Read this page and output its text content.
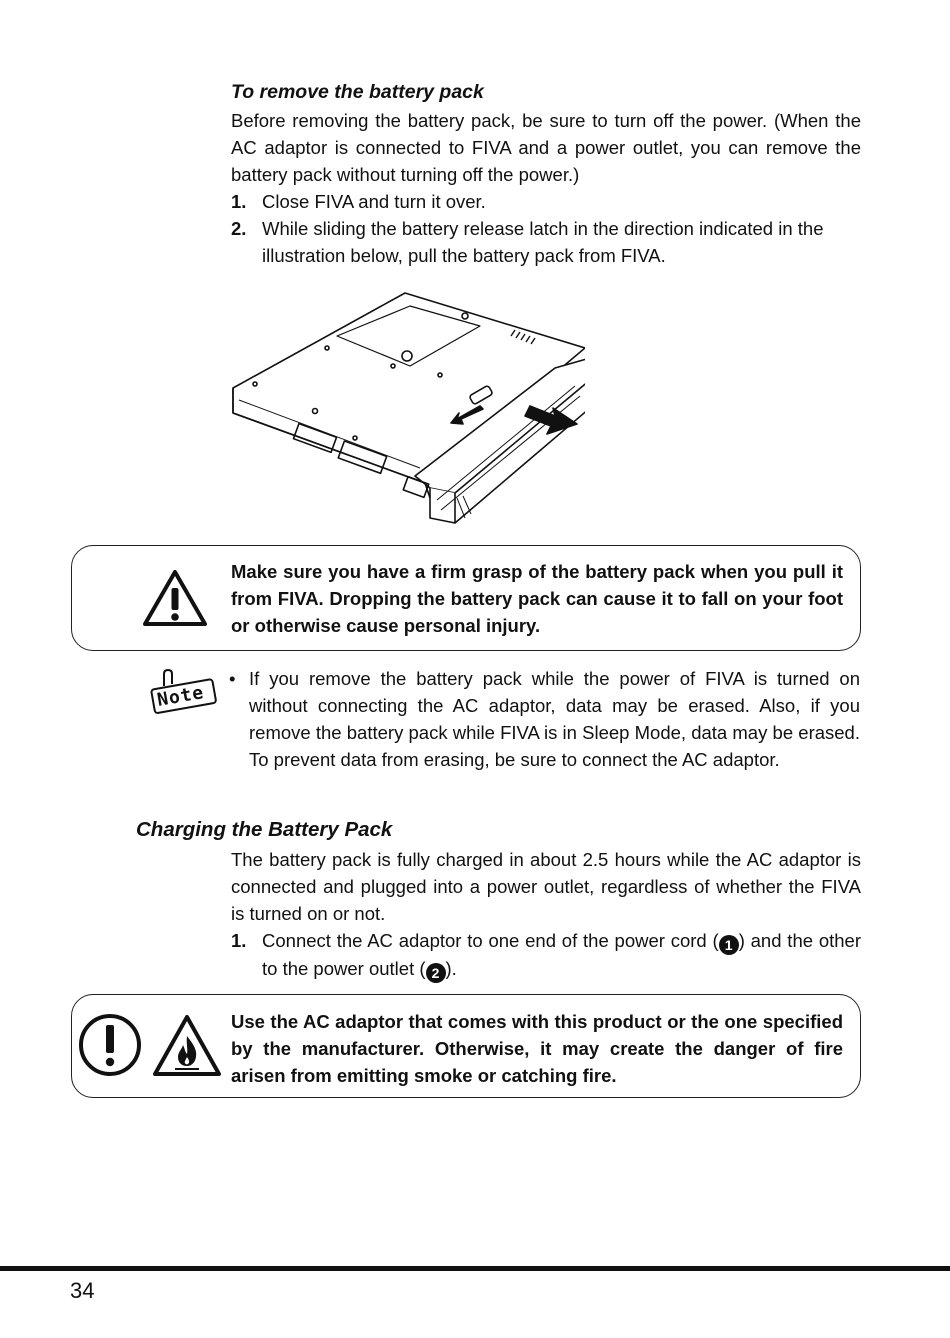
To remove the battery pack
Before removing the battery pack, be sure to turn off the power. (When the AC adaptor is connected to FIVA and a power outlet, you can remove the battery pack without turning off the power.)
1. Close FIVA and turn it over.
2. While sliding the battery release latch in the direction indicated in the illustration below, pull the battery pack from FIVA.
Make sure you have a firm grasp of the battery pack when you pull it from FIVA. Dropping the battery pack can cause it to fall on your foot or otherwise cause personal injury.
Note
• If you remove the battery pack while the power of FIVA is turned on without connecting the AC adaptor, data may be erased. Also, if you remove the battery pack while FIVA is in Sleep Mode, data may be erased. To prevent data from erasing, be sure to connect the AC adaptor.
Charging the Battery Pack
The battery pack is fully charged in about 2.5 hours while the AC adaptor is connected and plugged into a power outlet, regardless of whether the FIVA is turned on or not.
1. Connect the AC adaptor to one end of the power cord ( 1 ) and the other to the power outlet ( 2 ).
Use the AC adaptor that comes with this product or the one specified by the manufacturer. Otherwise, it may create the danger of fire arisen from emitting smoke or catching fire.
34
